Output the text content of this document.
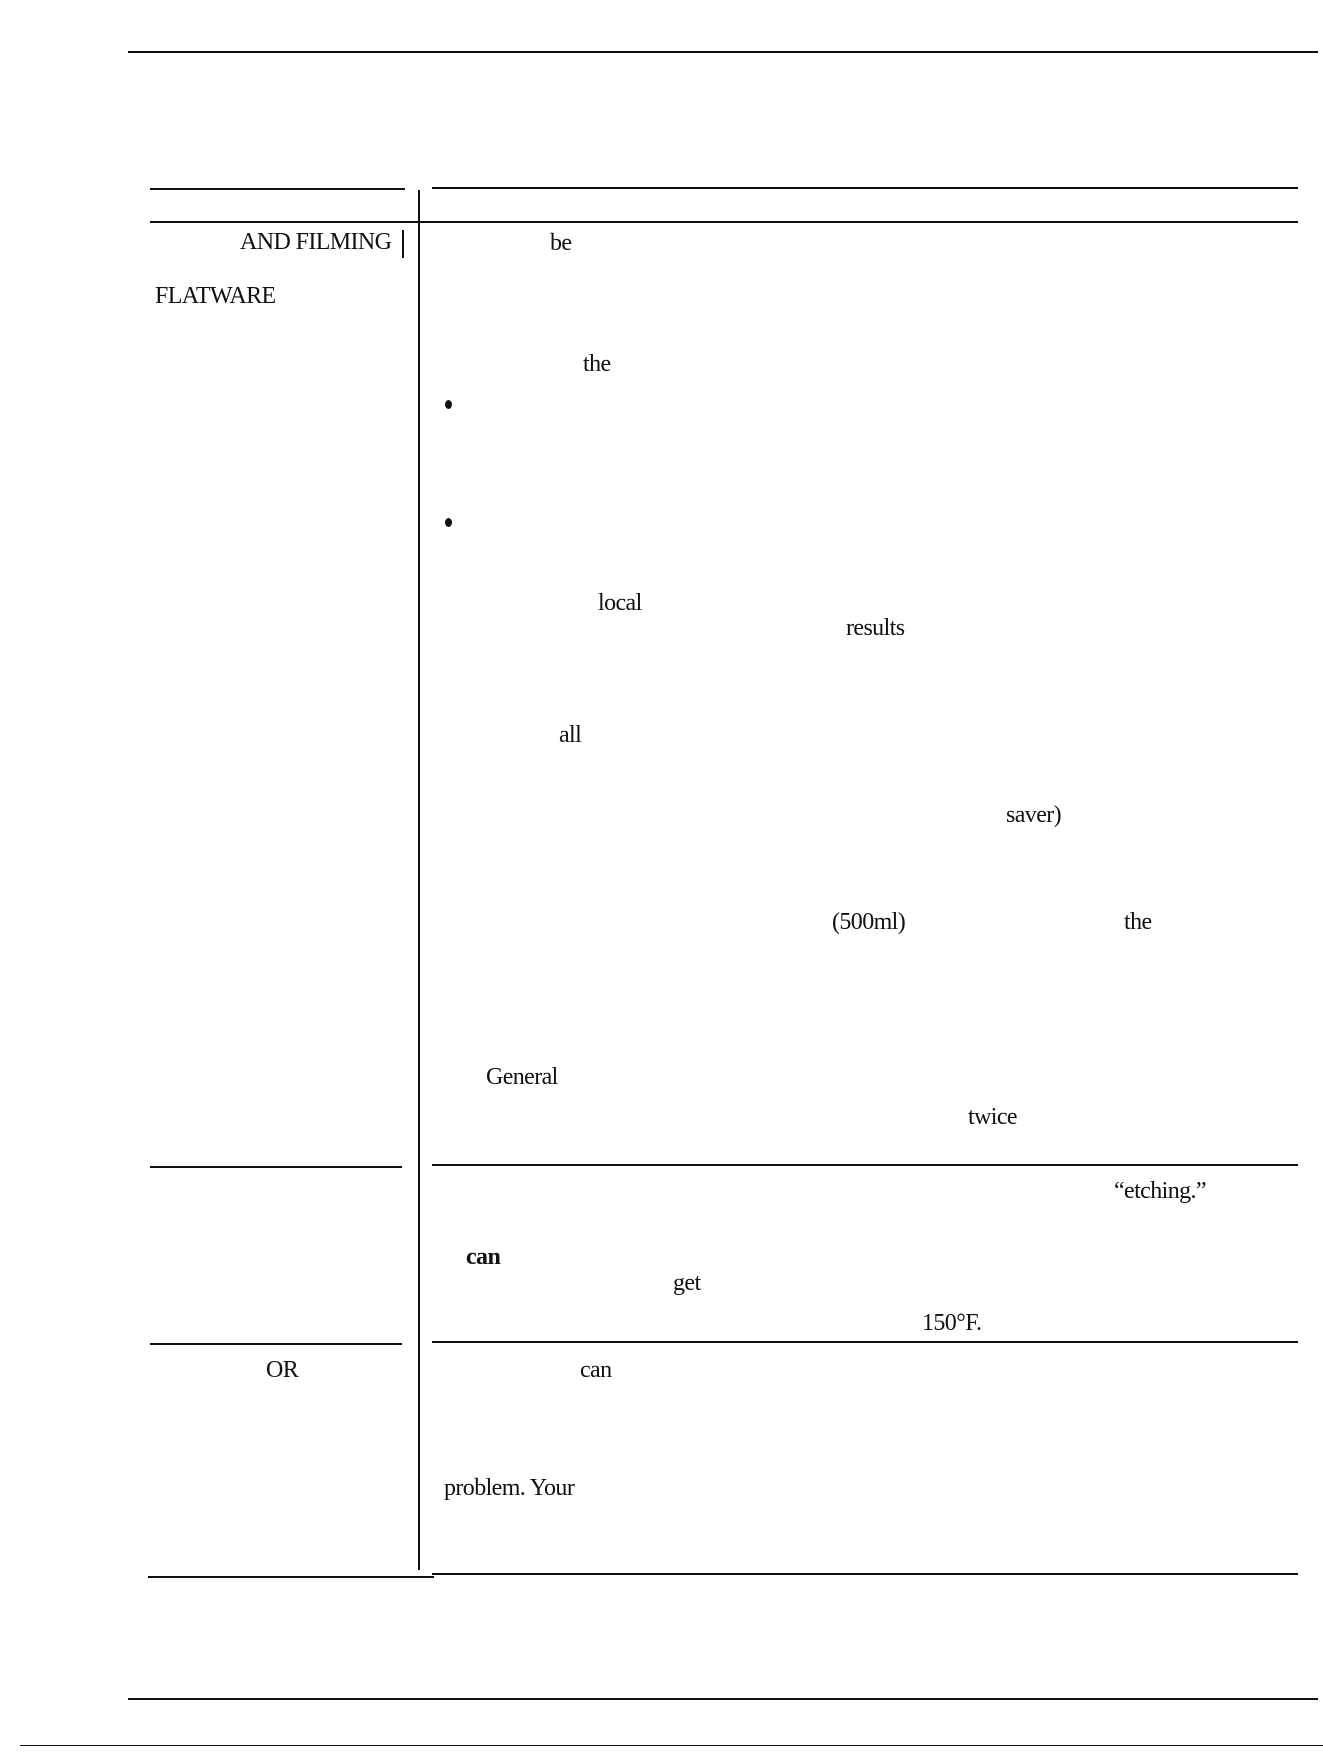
AND FILMING
FLATWARE
OR
be
the
local
results
all
saver)
(500ml)	the
General
twice
“etching.”
can
get
150°F.
can
problem. Your
